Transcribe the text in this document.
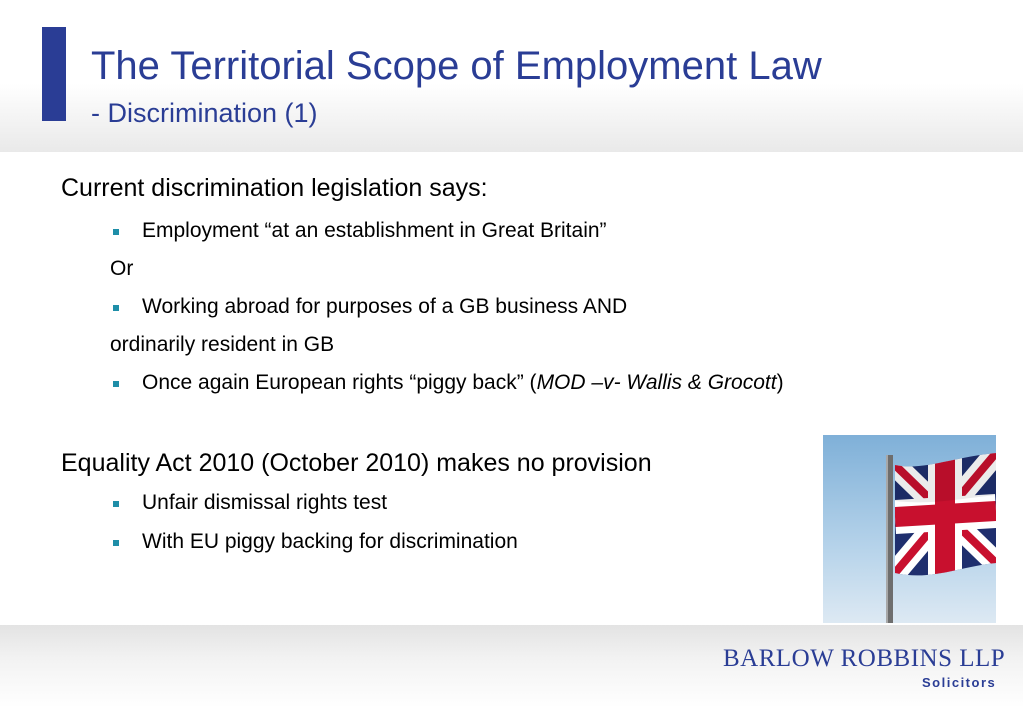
The Territorial Scope of Employment Law
- Discrimination (1)
Current discrimination legislation says:
Employment “at an establishment in Great Britain”
Or
Working abroad for purposes of a GB business AND
ordinarily resident in GB
Once again European rights “piggy back” (MOD –v- Wallis & Grocott)
Equality Act 2010 (October 2010) makes no provision
Unfair dismissal rights test
With EU piggy backing for discrimination
BARLOW ROBBINS LLP
Solicitors
